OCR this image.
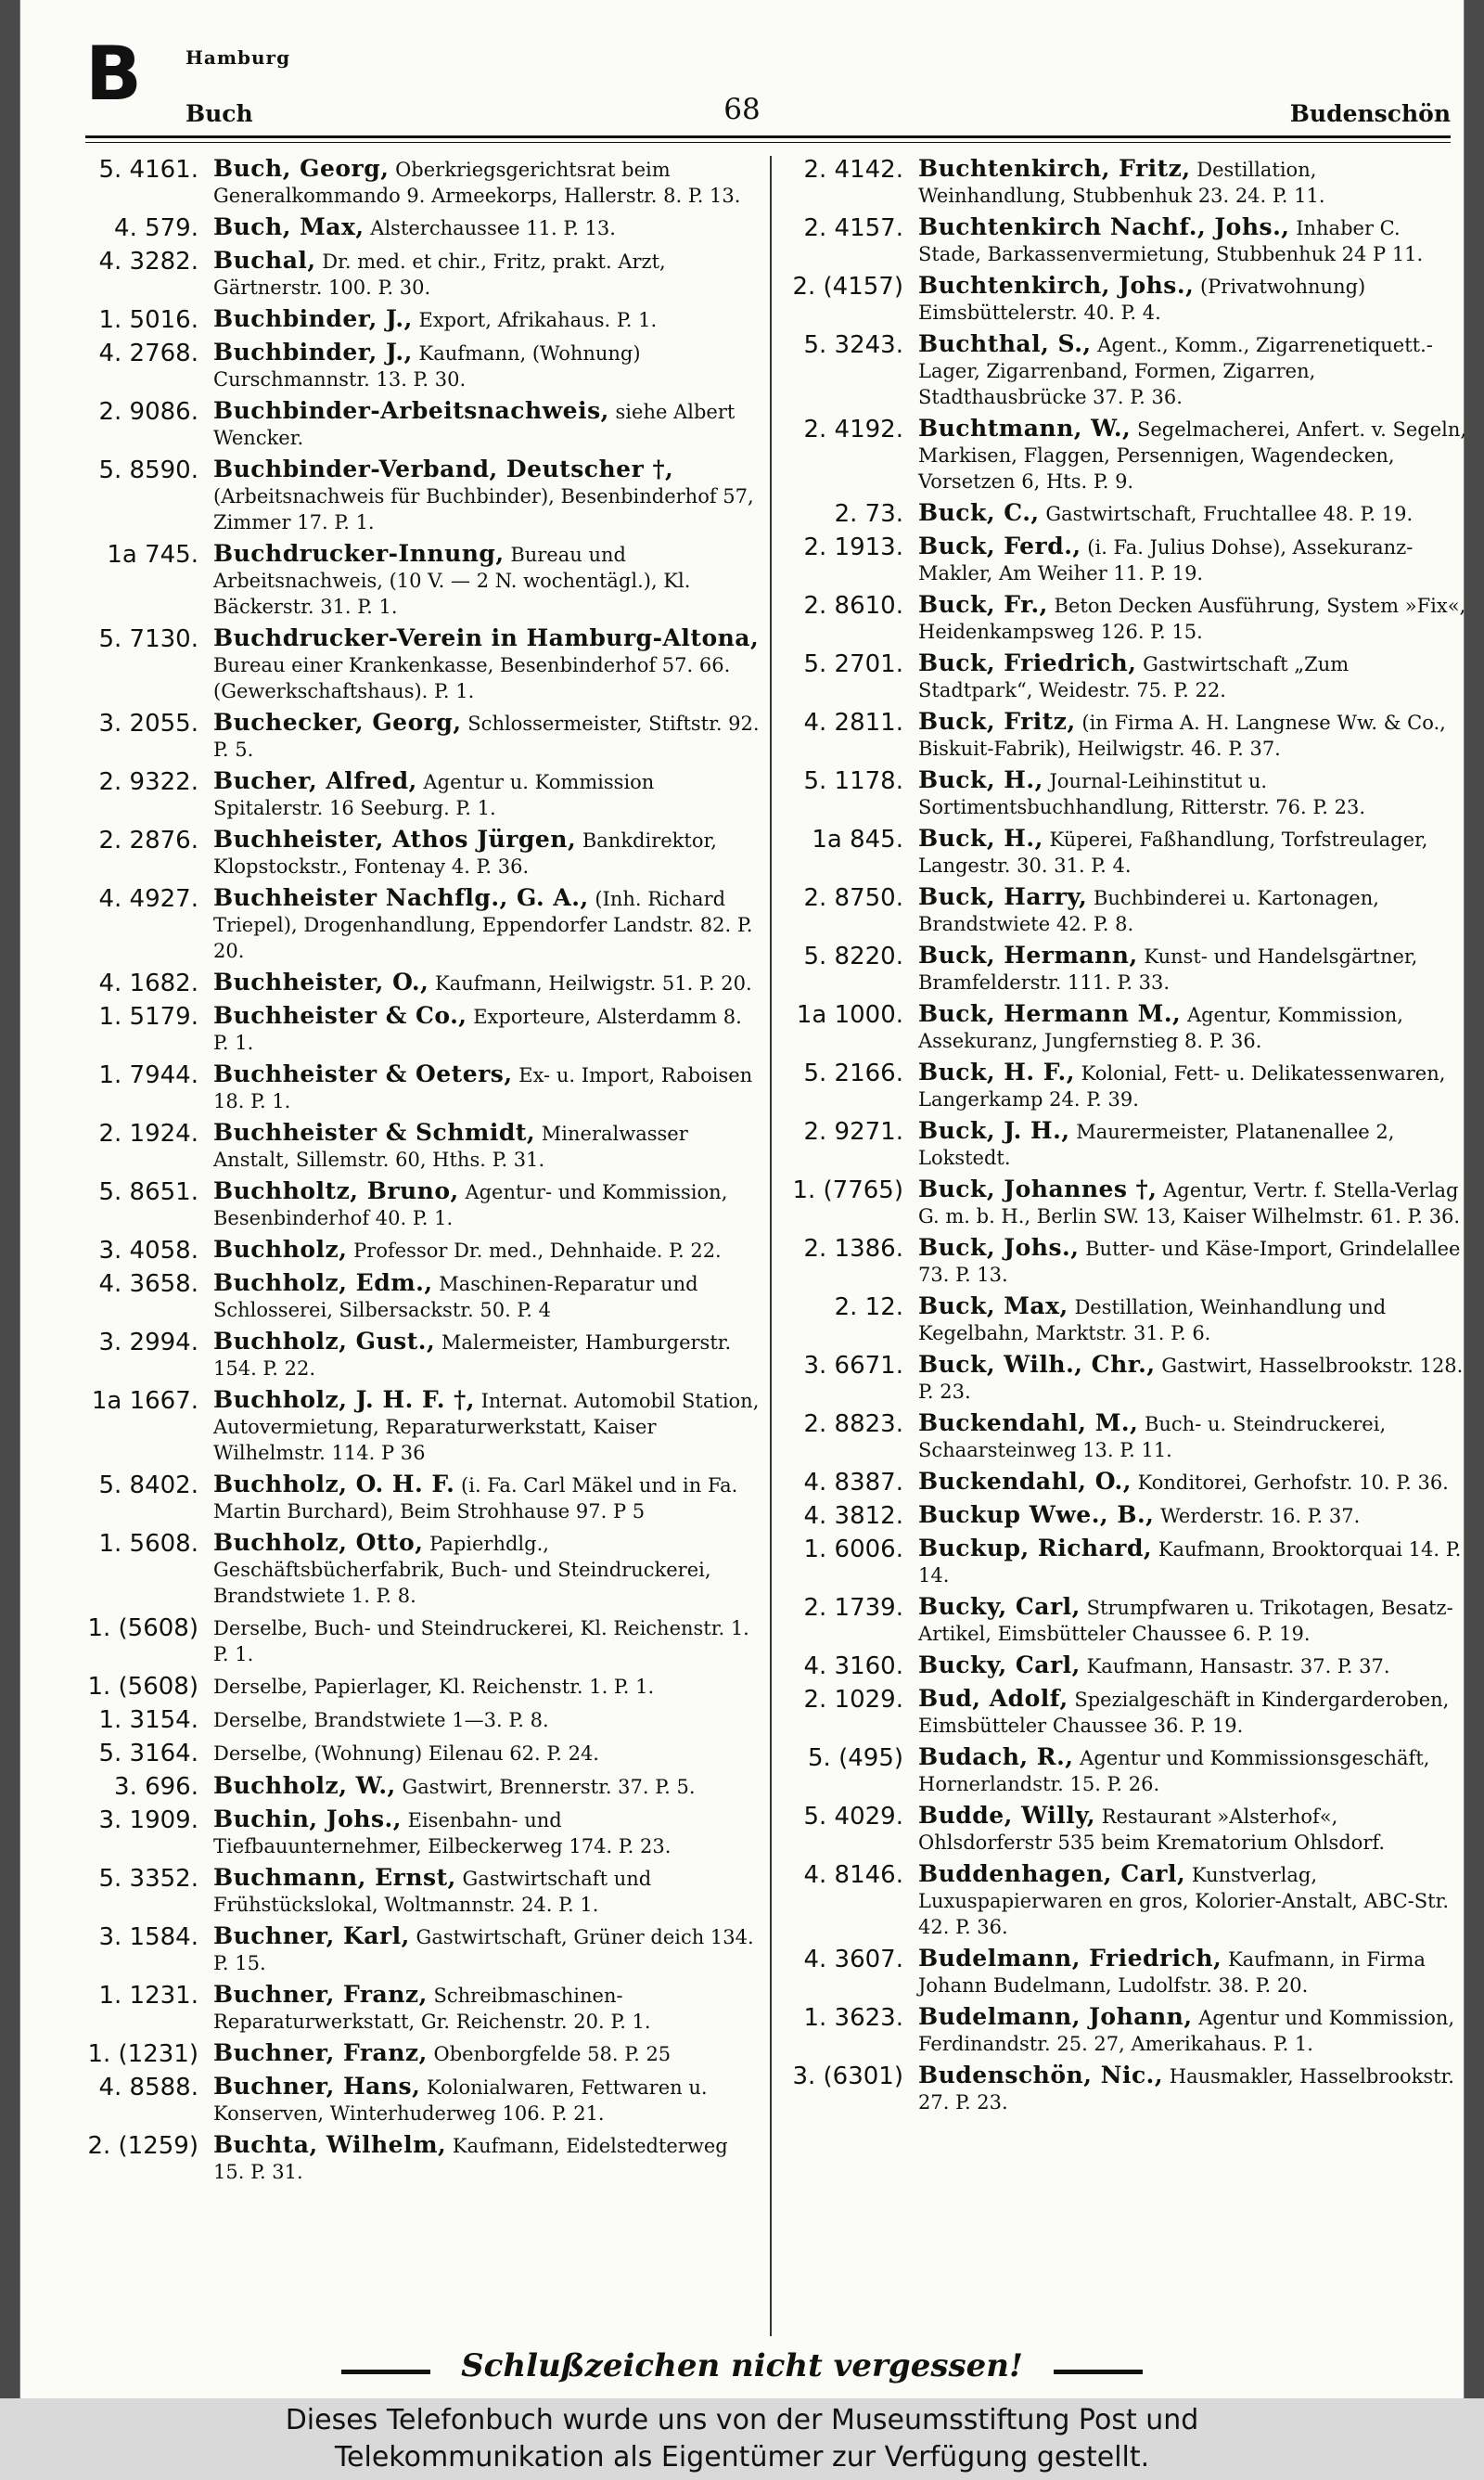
B Hamburg
Buch	68	Budenschön
5. 4161. Buch, Georg, Oberkriegsgerichtsrat beim Generalkommando 9. Armeekorps, Hallerstr. 8. P. 13.
4. 579. Buch, Max, Alsterchaussee 11. P. 13.
4. 3282. Buchal, Dr. med. et chir., Fritz, prakt. Arzt, Gärtnerstr. 100. P. 30.
1. 5016. Buchbinder, J., Export, Afrikahaus. P. 1.
4. 2768. Buchbinder, J., Kaufmann, (Wohnung) Curschmannstr. 13. P. 30.
2. 9086. Buchbinder-Arbeitsnachweis, siehe Albert Wencker.
5. 8590. Buchbinder-Verband, Deutscher †, (Arbeitsnachweis für Buchbinder), Besenbinderhof 57, Zimmer 17. P. 1.
1a 745. Buchdrucker-Innung, Bureau und Arbeitsnachweis, (10 V. — 2 N. wochentägl.), Kl. Bäckerstr. 31. P. 1.
5. 7130. Buchdrucker-Verein in Hamburg-Altona, Bureau einer Krankenkasse, Besenbinderhof 57. 66. (Gewerkschaftshaus). P. 1.
3. 2055. Buchecker, Georg, Schlossermeister, Stiftstr. 92. P. 5.
2. 9322. Bucher, Alfred, Agentur u. Kommission Spitalerstr. 16 Seeburg. P. 1.
2. 2876. Buchheister, Athos Jürgen, Bankdirektor, Klopstockstr., Fontenay 4. P. 36.
4. 4927. Buchheister Nachflg., G. A., (Inh. Richard Triepel), Drogenhandlung, Eppendorfer Landstr. 82. P. 20.
4. 1682. Buchheister, O., Kaufmann, Heilwigstr. 51. P. 20.
1. 5179. Buchheister & Co., Exporteure, Alsterdamm 8. P. 1.
1. 7944. Buchheister & Oeters, Ex- u. Import, Raboisen 18. P. 1.
2. 1924. Buchheister & Schmidt, Mineralwasser Anstalt, Sillemstr. 60, Hths. P. 31.
5. 8651. Buchholtz, Bruno, Agentur- und Kommission, Besenbinderhof 40. P. 1.
3. 4058. Buchholz, Professor Dr. med., Dehnhaide. P. 22.
4. 3658. Buchholz, Edm., Maschinen-Reparatur und Schlosserei, Silbersackstr. 50. P. 4
3. 2994. Buchholz, Gust., Malermeister, Hamburgerstr. 154. P. 22.
1a 1667. Buchholz, J. H. F. †, Internat. Automobil Station, Autovermietung, Reparaturwerkstatt, Kaiser Wilhelmstr. 114. P 36
5. 8402. Buchholz, O. H. F. (i. Fa. Carl Mäkel und in Fa. Martin Burchard), Beim Strohhause 97. P 5
1. 5608. Buchholz, Otto, Papierhdlg., Geschäftsbücherfabrik, Buch- und Steindruckerei, Brandstwiete 1. P. 8.
1. (5608) Derselbe, Buch- und Steindruckerei, Kl. Reichenstr. 1. P. 1.
1. (5608) Derselbe, Papierlager, Kl. Reichenstr. 1. P. 1.
1. 3154. Derselbe, Brandstwiete 1—3. P. 8.
5. 3164. Derselbe, (Wohnung) Eilenau 62. P. 24.
3. 696. Buchholz, W., Gastwirt, Brennerstr. 37. P. 5.
3. 1909. Buchin, Johs., Eisenbahn- und Tiefbauunternehmer, Eilbeckerweg 174. P. 23.
5. 3352. Buchmann, Ernst, Gastwirtschaft und Frühstückslokal, Woltmannstr. 24. P. 1.
3. 1584. Buchner, Karl, Gastwirtschaft, Grüner deich 134. P. 15.
1. 1231. Buchner, Franz, Schreibmaschinen-Reparaturwerkstatt, Gr. Reichenstr. 20. P. 1.
1. (1231) Buchner, Franz, Obenborgfelde 58. P. 25
4. 8588. Buchner, Hans, Kolonialwaren, Fettwaren u. Konserven, Winterhuderweg 106. P. 21.
2. (1259) Buchta, Wilhelm, Kaufmann, Eidelstedterweg 15. P. 31.
2. 4142. Buchtenkirch, Fritz, Destillation, Weinhandlung, Stubbenhuk 23. 24. P. 11.
2. 4157. Buchtenkirch Nachf., Johs., Inhaber C. Stade, Barkassenvermietung, Stubbenhuk 24 P 11.
2. (4157) Buchtenkirch, Johs., (Privatwohnung) Eimsbüttelerstr. 40. P. 4.
5. 3243. Buchthal, S., Agent., Komm., Zigarrenetiquett.-Lager, Zigarrenband, Formen, Zigarren, Stadthausbrücke 37. P. 36.
2. 4192. Buchtmann, W., Segelmacherei, Anfert. v. Segeln, Markisen, Flaggen, Persennigen, Wagendecken, Vorsetzen 6, Hts. P. 9.
2. 73. Buck, C., Gastwirtschaft, Fruchtallee 48. P. 19.
2. 1913. Buck, Ferd., (i. Fa. Julius Dohse), Assekuranz-Makler, Am Weiher 11. P. 19.
2. 8610. Buck, Fr., Beton Decken Ausführung, System »Fix«, Heidenkampsweg 126. P. 15.
5. 2701. Buck, Friedrich, Gastwirtschaft „Zum Stadtpark“, Weidestr. 75. P. 22.
4. 2811. Buck, Fritz, (in Firma A. H. Langnese Ww. & Co., Biskuit-Fabrik), Heilwigstr. 46. P. 37.
5. 1178. Buck, H., Journal-Leihinstitut u. Sortimentsbuchhandlung, Ritterstr. 76. P. 23.
1a 845. Buck, H., Küperei, Faßhandlung, Torfstreulager, Langestr. 30. 31. P. 4.
2. 8750. Buck, Harry, Buchbinderei u. Kartonagen, Brandstwiete 42. P. 8.
5. 8220. Buck, Hermann, Kunst- und Handelsgärtner, Bramfelderstr. 111. P. 33.
1a 1000. Buck, Hermann M., Agentur, Kommission, Assekuranz, Jungfernstieg 8. P. 36.
5. 2166. Buck, H. F., Kolonial, Fett- u. Delikatessenwaren, Langerkamp 24. P. 39.
2. 9271. Buck, J. H., Maurermeister, Platanenallee 2, Lokstedt.
1. (7765) Buck, Johannes †, Agentur, Vertr. f. Stella-Verlag G. m. b. H., Berlin SW. 13, Kaiser Wilhelmstr. 61. P. 36.
2. 1386. Buck, Johs., Butter- und Käse-Import, Grindelallee 73. P. 13.
2. 12. Buck, Max, Destillation, Weinhandlung und Kegelbahn, Marktstr. 31. P. 6.
3. 6671. Buck, Wilh., Chr., Gastwirt, Hasselbrookstr. 128. P. 23.
2. 8823. Buckendahl, M., Buch- u. Steindruckerei, Schaarsteinweg 13. P. 11.
4. 8387. Buckendahl, O., Konditorei, Gerhofstr. 10. P. 36.
4. 3812. Buckup Wwe., B., Werderstr. 16. P. 37.
1. 6006. Buckup, Richard, Kaufmann, Brooktorquai 14. P. 14.
2. 1739. Bucky, Carl, Strumpfwaren u. Trikotagen, Besatz-Artikel, Eimsbütteler Chaussee 6. P. 19.
4. 3160. Bucky, Carl, Kaufmann, Hansastr. 37. P. 37.
2. 1029. Bud, Adolf, Spezialgeschäft in Kindergarderoben, Eimsbütteler Chaussee 36. P. 19.
5. (495) Budach, R., Agentur und Kommissionsgeschäft, Hornerlandstr. 15. P. 26.
5. 4029. Budde, Willy, Restaurant »Alsterhof«, Ohlsdorferstr 535 beim Krematorium Ohlsdorf.
4. 8146. Buddenhagen, Carl, Kunstverlag, Luxuspapierwaren en gros, Kolorier-Anstalt, ABC-Str. 42. P. 36.
4. 3607. Budelmann, Friedrich, Kaufmann, in Firma Johann Budelmann, Ludolfstr. 38. P. 20.
1. 3623. Budelmann, Johann, Agentur und Kommission, Ferdinandstr. 25. 27, Amerikahaus. P. 1.
3. (6301) Budenschön, Nic., Hausmakler, Hasselbrookstr. 27. P. 23.
Schlußzeichen nicht vergessen!
Dieses Telefonbuch wurde uns von der Museumsstiftung Post und
Telekommunikation als Eigentümer zur Verfügung gestellt.
